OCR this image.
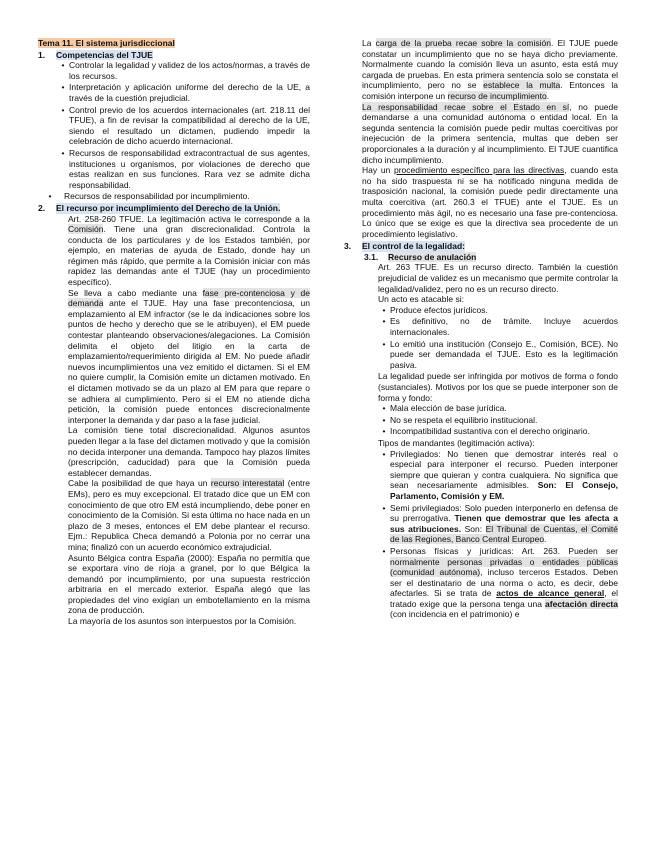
Tema 11. El sistema jurisdiccional

1.	Competencias del TJUE
• Controlar la legalidad y validez de los actos/normas, a través de los recursos.
• Interpretación y aplicación uniforme del derecho de la UE, a través de la cuestión prejudicial.
• Control previo de los acuerdos internacionales (art. 218.11 del TFUE), a fin de revisar la compatibilidad al derecho de la UE, siendo el resultado un dictamen, pudiendo impedir la celebración de dicho acuerdo internacional.
• Recursos de responsabilidad extracontractual de sus agentes, instituciones u organismos, por violaciones de derecho que estas realizan en sus funciones. Rara vez se admite dicha responsabilidad.
•	Recursos de responsabilidad por incumplimiento.
2.	El recurso por incumplimiento del Derecho de la Unión.

Art. 258-260 TFUE. La legitimación activa le corresponde a la Comisión. Tiene una gran discrecionalidad. Controla la conducta de los particulares y de los Estados también, por ejemplo, en materias de ayuda de Estado, donde hay un régimen más rápido, que permite a la Comisión iniciar con más rapidez las demandas ante el TJUE (hay un procedimiento específico).

Se lleva a cabo mediante una fase pre-contenciosa y de demanda ante el TJUE. Hay una fase precontenciosa, un emplazamiento al EM infractor (se le da indicaciones sobre los puntos de hecho y derecho que se le atribuyen), el EM puede contestar planteando observaciones/alegaciones. La Comisión delimita el objeto del litigio en la carta de emplazamiento/requerimiento dirigida al EM. No puede añadir nuevos incumplimientos una vez emitido el dictamen. Si el EM no quiere cumplir, la Comisión emite un dictamen motivado. En el dictamen motivado se da un plazo al EM para que repare o se adhiera al cumplimiento. Pero si el EM no atiende dicha petición, la comisión puede entonces discrecionalmente interponer la demanda y dar paso a la fase judicial.

La comisión tiene total discrecionalidad. Algunos asuntos pueden llegar a la fase del dictamen motivado y que la comisión no decida interponer una demanda. Tampoco hay plazos límites (prescripción, caducidad) para que la Comisión pueda establecer demandas.

Cabe la posibilidad de que haya un recurso interestatal (entre EMs), pero es muy excepcional. El tratado dice que un EM con conocimiento de que otro EM está incumpliendo, debe poner en conocimiento de la Comisión. Si esta última no hace nada en un plazo de 3 meses, entonces el EM debe plantear el recurso. Ejm.: Republica Checa demandó a Polonia por no cerrar una mina; finalizó con un acuerdo económico extrajudicial.

Asunto Bélgica contra España (2000): España no permitía que se exportara vino de rioja a granel, por lo que Bélgica la demandó por incumplimiento, por una supuesta restricción arbitraria en el mercado exterior. España alegó que las propiedades del vino exigían un embotellamiento en la misma zona de producción.

La mayoría de los asuntos son interpuestos por la Comisión.

La carga de la prueba recae sobre la comisión. El TJUE puede constatar un incumplimiento que no se haya dicho previamente. Normalmente cuando la comisión lleva un asunto, esta está muy cargada de pruebas. En esta primera sentencia solo se constata el incumplimiento, pero no se establece la multa. Entonces la comisión interpone un recurso de incumplimiento.

La responsabilidad recae sobre el Estado en sí, no puede demandarse a una comunidad autónoma o entidad local. En la segunda sentencia la comisión puede pedir multas coercitivas por inejecución de la primera sentencia, multas que deben ser proporcionales a la duración y al incumplimiento. El TJUE cuantifica dicho incumplimiento.

Hay un procedimiento específico para las directivas, cuando esta no ha sido traspuesta ni se ha notificado ninguna medida de trasposición nacional, la comisión puede pedir directamente una multa coercitiva (art. 260.3 el TFUE) ante el TJUE. Es un procedimiento más ágil, no es necesario una fase pre-contenciosa. Lo único que se exige es que la directiva sea procedente de un procedimiento legislativo.

3.	El control de la legalidad:
3.1.	Recurso de anulación

Art. 263 TFUE. Es un recurso directo. También la cuestión prejudicial de validez es un mecanismo que permite controlar la legalidad/validez, pero no es un recurso directo.

Un acto es atacable si:

• Produce efectos jurídicos.
• Es definitivo, no de trámite. Incluye acuerdos internacionales.
• Lo emitió una institución (Consejo E., Comisión, BCE). No puede ser demandada el TJUE. Esto es la legitimación pasiva.

La legalidad puede ser infringida por motivos de forma o fondo (sustanciales). Motivos por los que se puede interponer son de forma y fondo:

• Mala elección de base jurídica.
• No se respeta el equilibrio institucional.
• Incompatibilidad sustantiva con el derecho originario.

Tipos de mandantes (legitimación activa):

• Privilegiados: No tienen que demostrar interés real o especial para interponer el recurso. Pueden interponer siempre que quieran y contra cualquiera. No significa que sean necesariamente admisibles. Son: El Consejo, Parlamento, Comisión y EM.
• Semi privilegiados: Solo pueden interponerlo en defensa de su prerrogativa. Tienen que demostrar que les afecta a sus atribuciones. Son: El Tribunal de Cuentas, el Comité de las Regiones, Banco Central Europeo.
• Personas físicas y jurídicas: Art. 263. Pueden ser normalmente personas privadas o entidades públicas (comunidad autónoma), incluso terceros Estados. Deben ser el destinatario de una norma o acto, es decir, debe afectarles. Si se trata de actos de alcance general, el tratado exige que la persona tenga una afectación directa (con incidencia en el patrimonio) e
